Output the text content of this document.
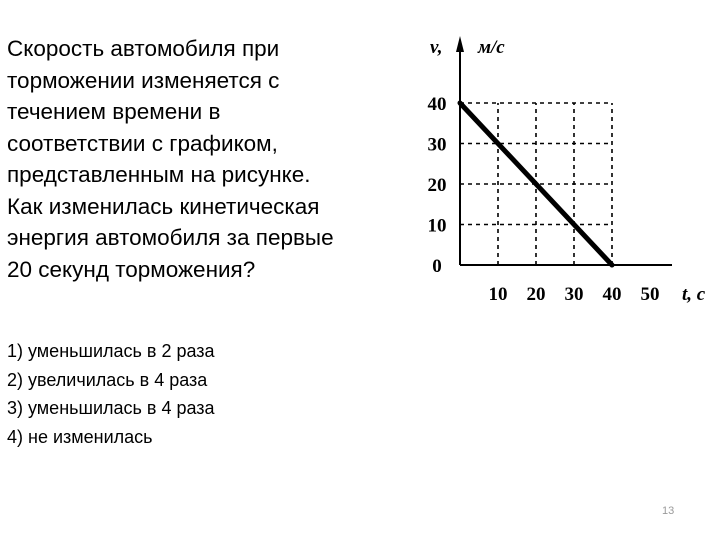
Скорость автомобиля при

торможении изменяется с

течением времени в

соответствии с графиком,

представленным на рисунке.

Как изменилась кинетическая

энергия автомобиля за первые

20 секунд торможения?

1) уменьшилась в 2 раза

2) увеличилась в 4 раза

3) уменьшилась в 4 раза

4) не изменилась

13
0
10
20
30
40
10 20 30 40 50
v, м/с
t, c
